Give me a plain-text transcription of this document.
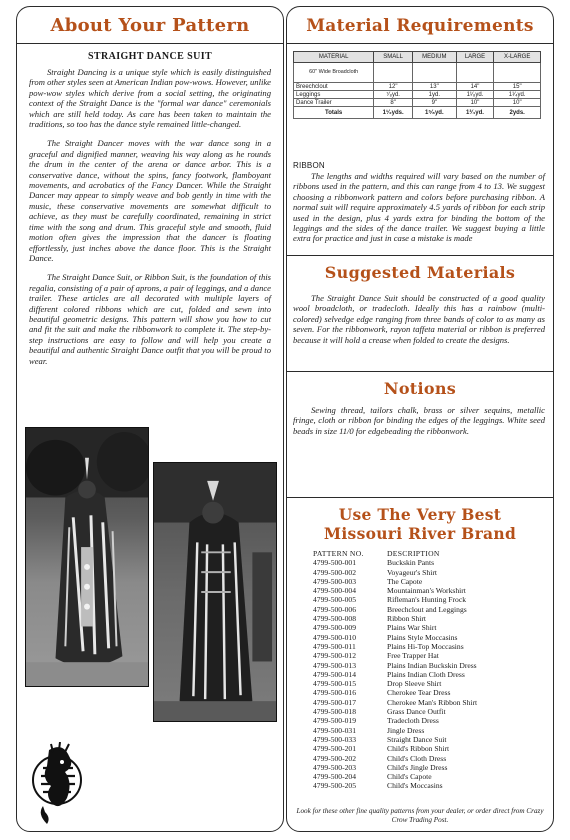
About Your Pattern
STRAIGHT DANCE SUIT

Straight Dancing is a unique style which is easily distinguished from other styles seen at American Indian pow-wows. However, unlike pow-wow styles which derive from a social setting, the originating context of the Straight Dance is the "formal war dance" ceremonials which are still held today. As care has been taken to maintain the traditions, so too has the dance style remained little-changed.

The Straight Dancer moves with the war dance song in a graceful and dignified manner, weaving his way along as he rounds the drum in the center of the arena or dance arbor. This is a conservative dance, without the spins, fancy footwork, flamboyant movements, and acrobatics of the Fancy Dancer. While the Straight Dancer may appear to simply weave and bob gently in time with the music, these conservative movements are somewhat difficult to achieve, as they must be carefully coordinated, remaining in strict time with the song and drum. This graceful style and smooth, fluid motion often gives the impression that the dancer is floating effortlessly, just inches above the dance floor. This is the Straight Dance.

The Straight Dance Suit, or Ribbon Suit, is the foundation of this regalia, consisting of a pair of aprons, a pair of leggings, and a dance trailer. These articles are all decorated with multiple layers of different colored ribbons which are cut, folded and sewn into beautiful geometric designs. This pattern will show you how to cut and fit the suit and make the ribbonwork to complete it. The step-by-step instructions are easy to follow and will help you create a beautiful and authentic Straight Dance outfit that you will be proud to wear.

Material Requirements
MATERIAL	SMALL	MEDIUM	LARGE	X-LARGE
60" Wide Broadcloth				
Breechclout	12"	13"	14"	15"
Leggings	⁷⁄₈yd.	1yd.	1¹⁄₈yd.	1¹⁄₄yd.
Dance Trailer	8"	9"	10"	10"
Totals	1¹⁄₂yds.	1⁵⁄₈yd.	1³⁄₄yd.	2yds.
RIBBON

The lengths and widths required will vary based on the number of ribbons used in the pattern, and this can range from 4 to 13. We suggest choosing a ribbonwork pattern and colors before purchasing ribbon. A normal suit will require approximately 4.5 yards of ribbon for each strip used in the design, plus 4 yards extra for binding the bottom of the leggings and the sides of the dance trailer. We suggest buying a little extra for practice and just in case a mistake is made

Suggested Materials

The Straight Dance Suit should be constructed of a good quality wool broadcloth, or tradecloth. Ideally this has a rainbow (multi-colored) selvedge edge ranging from three bands of color to as many as seven. For the ribbonwork, rayon taffeta material or ribbon is preferred because it will hold a crease when folded to create the designs.

Notions

Sewing thread, tailors chalk, brass or silver sequins, metallic fringe, cloth or ribbon for binding the edges of the leggings. White seed beads in size 11/0 for edgebeading the ribbonwork.

Use The Very Best
Missouri River Brand
PATTERN NO.	DESCRIPTION
4799-500-001	Buckskin Pants
4799-500-002	Voyageur's Shirt
4799-500-003	The Capote
4799-500-004	Mountainman's Workshirt
4799-500-005	Rifleman's Hunting Frock
4799-500-006	Breechclout and Leggings
4799-500-008	Ribbon Shirt
4799-500-009	Plains War Shirt
4799-500-010	Plains Style Moccasins
4799-500-011	Plains Hi-Top Moccasins
4799-500-012	Free Trapper Hat
4799-500-013	Plains Indian Buckskin Dress
4799-500-014	Plains Indian Cloth Dress
4799-500-015	Drop Sleeve Shirt
4799-500-016	Cherokee Tear Dress
4799-500-017	Cherokee Man's Ribbon Shirt
4799-500-018	Grass Dance Outfit
4799-500-019	Tradecloth Dress
4799-500-031	Jingle Dress
4799-500-033	Straight Dance Suit
4799-500-201	Child's Ribbon Shirt
4799-500-202	Child's Cloth Dress
4799-500-203	Child's Jingle Dress
4799-500-204	Child's Capote
4799-500-205	Child's Moccasins
Look for these other fine quality patterns from your dealer, or order direct from Crazy Crow Trading Post.
